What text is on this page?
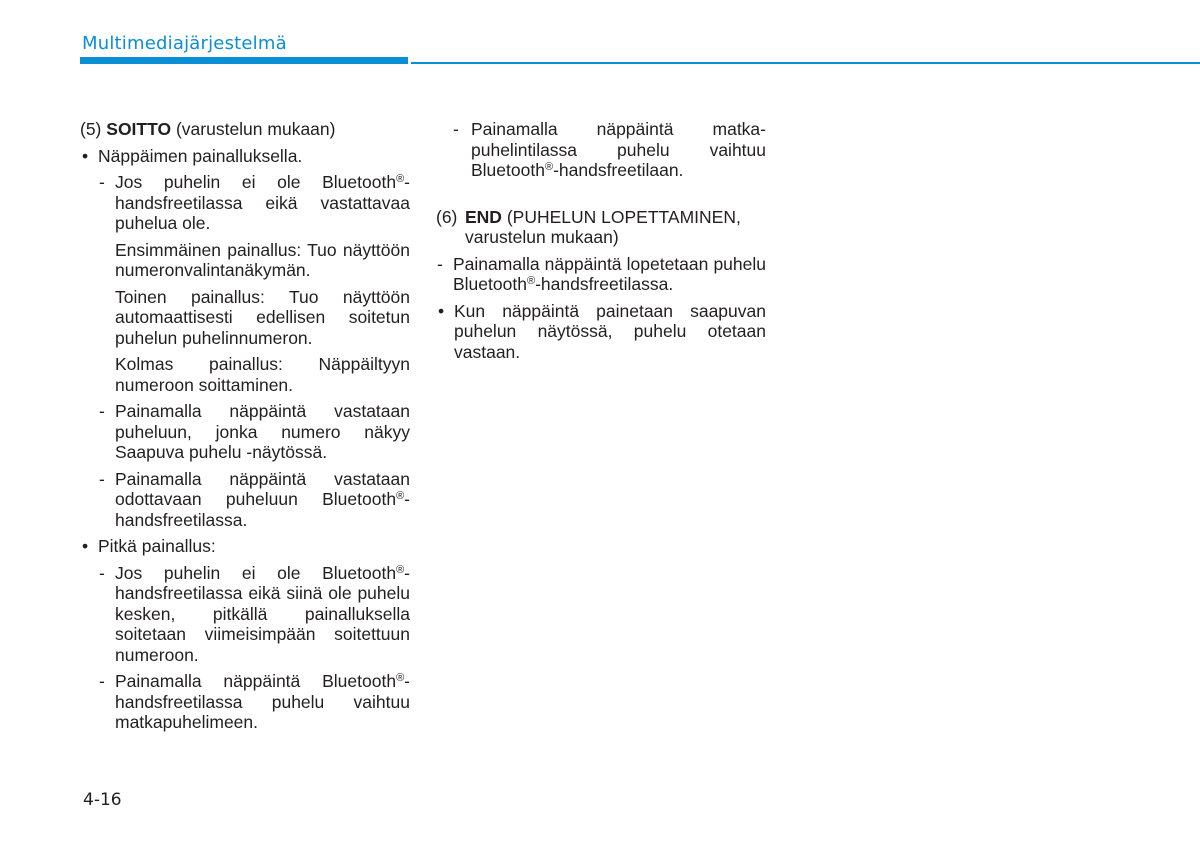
Multimediajärjestelmä

(5) SOITTO (varustelun mukaan)

• Näppäimen painalluksella.

- Jos puhelin ei ole Bluetooth®-handsfreetilassa eikä vastattavaa puhelua ole.

Ensimmäinen painallus: Tuo näyttöön numeronvalintanäkymän.

Toinen painallus: Tuo näyttöön automaattisesti edellisen soitetun puhelun puhelinnumeron.

Kolmas painallus: Näppäiltyyn numeroon soittaminen.

- Painamalla näppäintä vastataan puheluun, jonka numero näkyy Saapuva puhelu -näytössä.

- Painamalla näppäintä vastataan odottavaan puheluun Bluetooth®-handsfreetilassa.

• Pitkä painallus:

- Jos puhelin ei ole Bluetooth®-handsfreetilassa eikä siinä ole puhelu kesken, pitkällä painalluksella soitetaan viimeisimpään soitettuun numeroon.

- Painamalla näppäintä Bluetooth®-handsfreetilassa puhelu vaihtuu matkapuhelimeen.

- Painamalla näppäintä matkapuhelintilassa puhelu vaihtuu Bluetooth®-handsfreetilaan.

(6) END (PUHELUN LOPETTAMINEN, varustelun mukaan)

- Painamalla näppäintä lopetetaan puhelu Bluetooth®-handsfreetilassa.

• Kun näppäintä painetaan saapuvan puhelun näytössä, puhelu otetaan vastaan.

4-16
